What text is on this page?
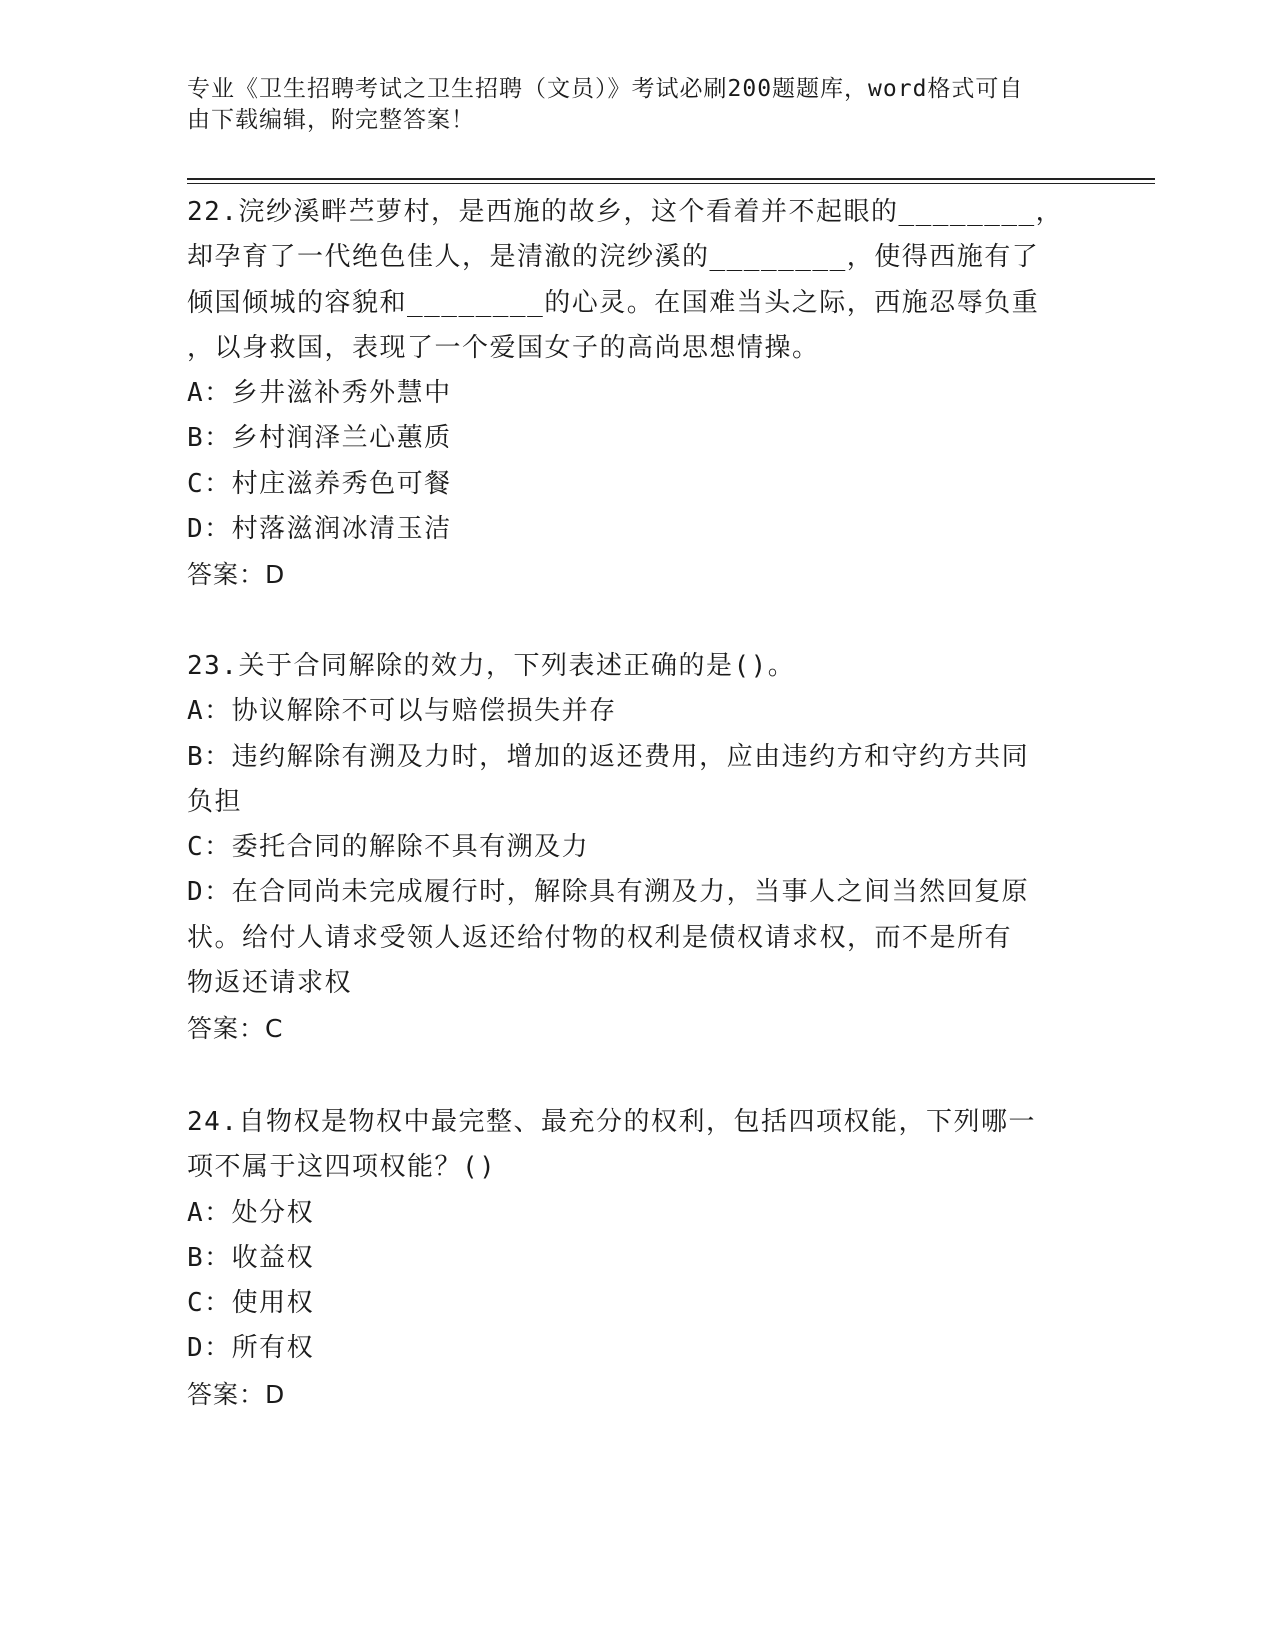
专业《卫生招聘考试之卫生招聘（文员）》考试必刷200题题库，word格式可自
由下载编辑，附完整答案！
22.浣纱溪畔苎萝村，是西施的故乡，这个看着并不起眼的________，
却孕育了一代绝色佳人，是清澈的浣纱溪的________，使得西施有了
倾国倾城的容貌和________的心灵。在国难当头之际，西施忍辱负重
，以身救国，表现了一个爱国女子的高尚思想情操。
A：乡井滋补秀外慧中
B：乡村润泽兰心蕙质
C：村庄滋养秀色可餐
D：村落滋润冰清玉洁
答案：D
23.关于合同解除的效力，下列表述正确的是()。
A：协议解除不可以与赔偿损失并存
B：违约解除有溯及力时，增加的返还费用，应由违约方和守约方共同
负担
C：委托合同的解除不具有溯及力
D：在合同尚未完成履行时，解除具有溯及力，当事人之间当然回复原
状。给付人请求受领人返还给付物的权利是债权请求权，而不是所有
物返还请求权
答案：C
24.自物权是物权中最完整、最充分的权利，包括四项权能，下列哪一
项不属于这四项权能？()
A：处分权
B：收益权
C：使用权
D：所有权
答案：D
